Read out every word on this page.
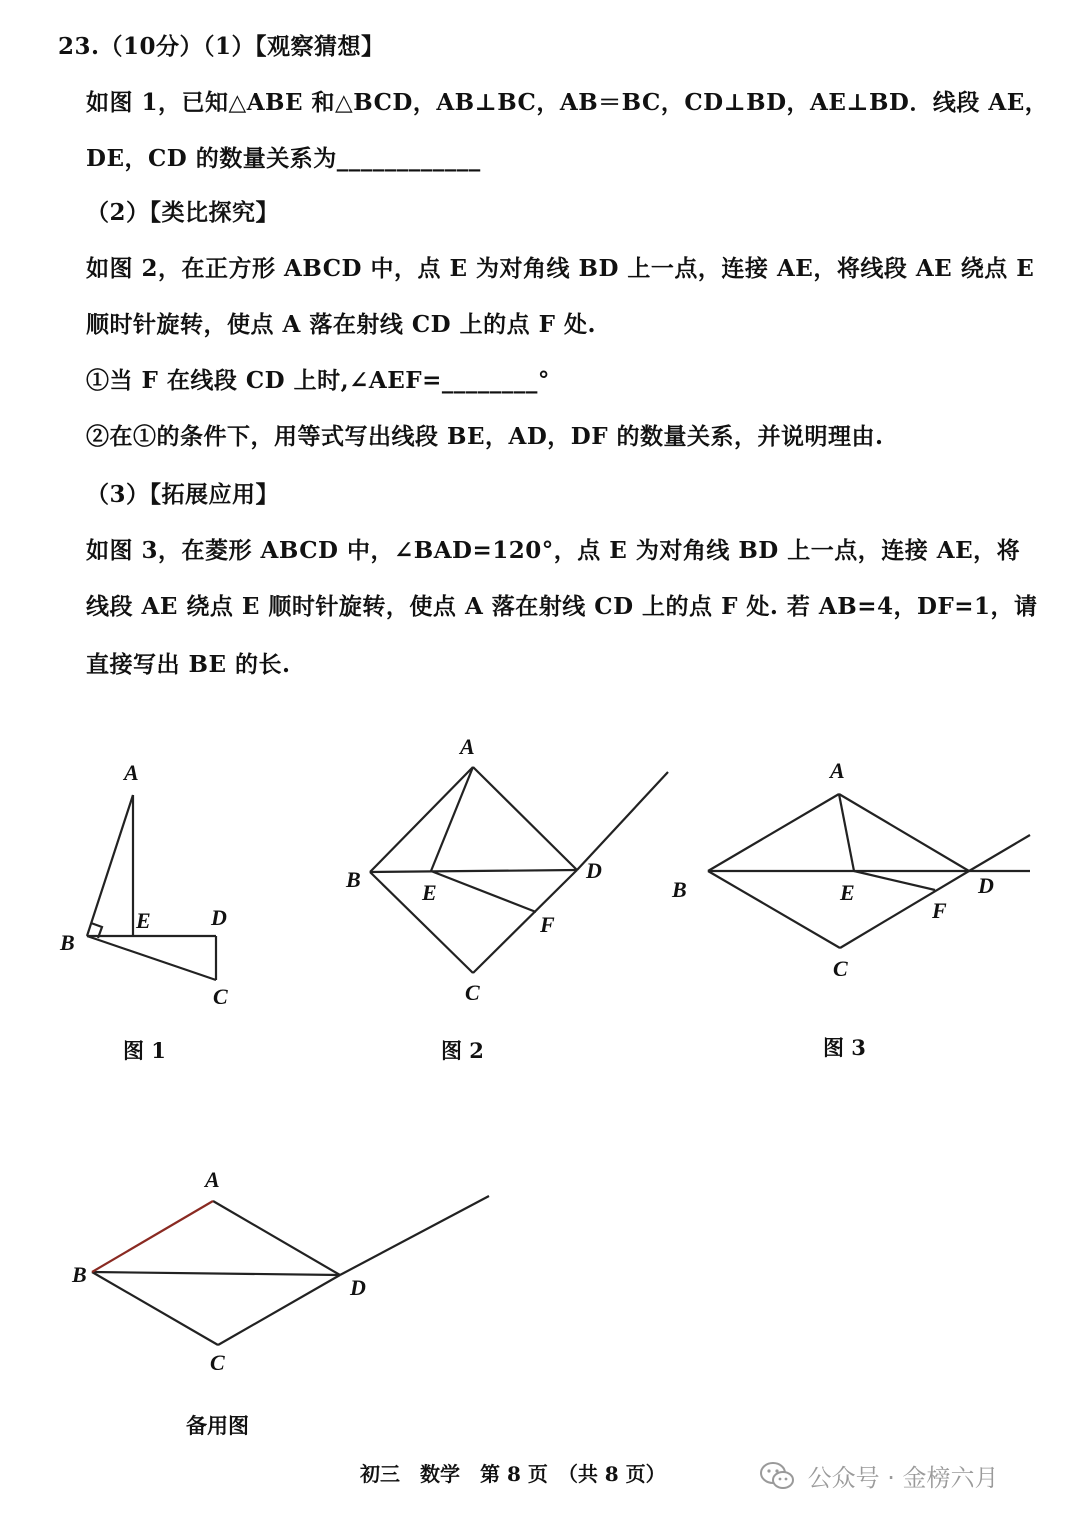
23.（10分）（1）【观察猜想】
如图 1，已知△ABE 和△BCD，AB⊥BC，AB＝BC，CD⊥BD，AE⊥BD．线段 AE，
DE，CD 的数量关系为____________
（2）【类比探究】
如图 2，在正方形 ABCD 中，点 E 为对角线 BD 上一点，连接 AE，将线段 AE 绕点 E
顺时针旋转，使点 A 落在射线 CD 上的点 F 处.
①当 F 在线段 CD 上时,∠AEF=________°
②在①的条件下，用等式写出线段 BE，AD，DF 的数量关系，并说明理由.
（3）【拓展应用】
如图 3，在菱形 ABCD 中，∠BAD=120°，点 E 为对角线 BD 上一点，连接 AE，将
线段 AE 绕点 E 顺时针旋转，使点 A 落在射线 CD 上的点 F 处. 若 AB=4，DF=1，请
直接写出 BE 的长.
A
B
E	D
C
图 1
A
B
E
D
F
C
图 2
A
B	E	D
F
C
图 3
A
B
D
C
备用图
初三　数学　第 8 页　（共 8 页）	公众号 · 金榜六月
